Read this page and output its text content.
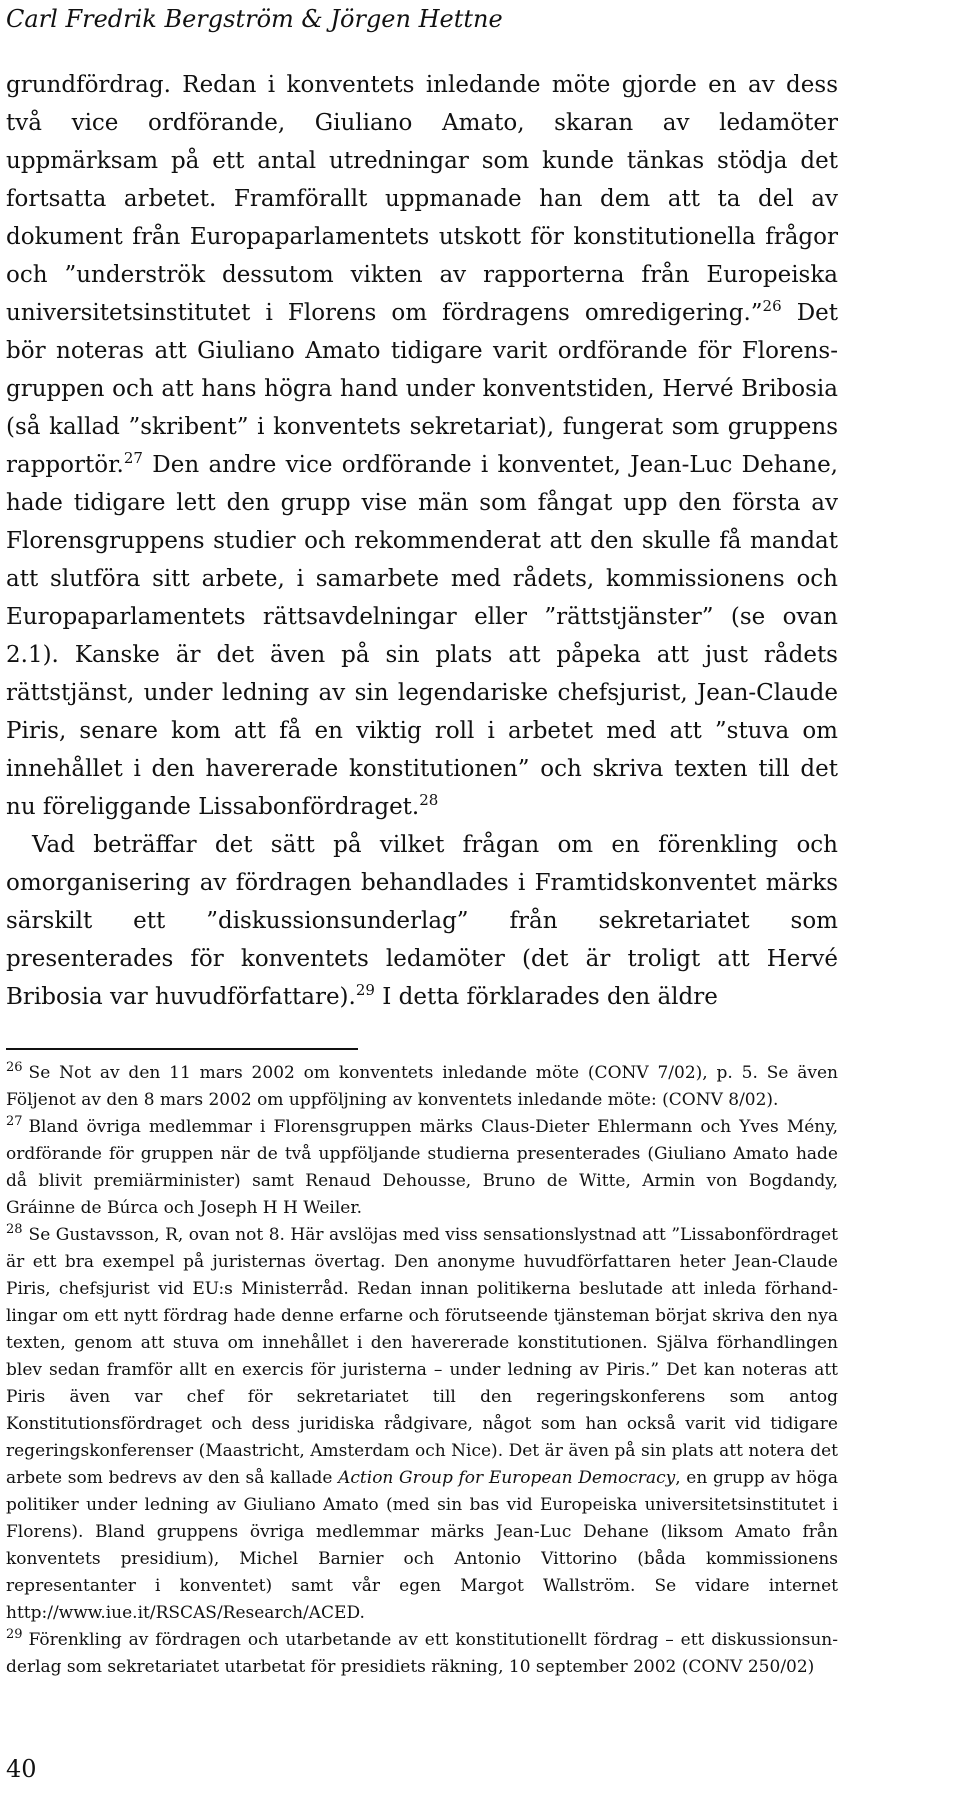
Carl Fredrik Bergström & Jörgen Hettne

grundfördrag. Redan i konventets inledande möte gjorde en av dess två vice ordförande, Giuliano Amato, skaran av ledamöter uppmärksam på ett antal utredningar som kunde tänkas stödja det fortsatta arbetet. Framförallt uppmanade han dem att ta del av dokument från Europaparlamentets utskott för konstitutionella frågor och ”underströk dessutom vikten av rapporterna från Europeiska universitetsinstitutet i Florens om fördragens omredigering.”$^{26}$ Det bör noteras att Giuliano Amato tidigare varit ordförande för Florensgruppen och att hans högra hand under konventstiden, Hervé Bribosia (så kallad ”skribent” i konventets sekretariat), fungerat som gruppens rapportör.$^{27}$ Den andre vice ordförande i konventet, Jean-Luc Dehane, hade tidigare lett den grupp vise män som fångat upp den första av Florensgruppens studier och rekommenderat att den skulle få mandat att slutföra sitt arbete, i samarbete med rådets, kommissionens och Europaparlamentets rättsavdelningar eller ”rättstjänster” (se ovan 2.1). Kanske är det även på sin plats att påpeka att just rådets rättstjänst, under ledning av sin legendariske chefsjurist, Jean-Claude Piris, senare kom att få en viktig roll i arbetet med att ”stuva om innehållet i den havererade konstitutionen” och skriva texten till det nu föreliggande Lissabonfördraget.$^{28}$

Vad beträffar det sätt på vilket frågan om en förenkling och omorganisering av fördragen behandlades i Framtidskonventet märks särskilt ett ”diskussionsunderlag” från sekretariatet som presenterades för konventets ledamöter (det är troligt att Hervé Bribosia var huvudförfattare).$^{29}$ I detta förklarades den äldre

$^{26}$ Se Not av den 11 mars 2002 om konventets inledande möte (CONV 7/02), p. 5. Se även Följenot av den 8 mars 2002 om uppföljning av konventets inledande möte: (CONV 8/02).

$^{27}$ Bland övriga medlemmar i Florensgruppen märks Claus-Dieter Ehlermann och Yves Mény, ordförande för gruppen när de två uppföljande studierna presenterades (Giuliano Amato hade då blivit premiärminister) samt Renaud Dehousse, Bruno de Witte, Armin von Bogdandy, Gráinne de Búrca och Joseph H H Weiler.

$^{28}$ Se Gustavsson, R, ovan not 8. Här avslöjas med viss sensationslystnad att ”Lissabonfördraget är ett bra exempel på juristernas övertag. Den anonyme huvudförfattaren heter Jean-Claude Piris, chefsjurist vid EU:s Ministerråd. Redan innan politikerna beslutade att inleda förhandlingar om ett nytt fördrag hade denne erfarne och förutseende tjänsteman börjat skriva den nya texten, genom att stuva om innehållet i den havererade konstitutionen. Själva förhandlingen blev sedan framför allt en exercis för juristerna – under ledning av Piris.” Det kan noteras att Piris även var chef för sekretariatet till den regeringskonferens som antog Konstitutionsfördraget och dess juridiska rådgivare, något som han också varit vid tidigare regeringskonferenser (Maastricht, Amsterdam och Nice). Det är även på sin plats att notera det arbete som bedrevs av den så kallade Action Group for European Democracy, en grupp av höga politiker under ledning av Giuliano Amato (med sin bas vid Europeiska universitetsinstitutet i Florens). Bland gruppens övriga medlemmar märks Jean-Luc Dehane (liksom Amato från konventets presidium), Michel Barnier och Antonio Vittorino (båda kommissionens representanter i konventet) samt vår egen Margot Wallström. Se vidare internet http://www.iue.it/RSCAS/Research/ACED.

$^{29}$ Förenkling av fördragen och utarbetande av ett konstitutionellt fördrag – ett diskussionsunderlag som sekretariatet utarbetat för presidiets räkning, 10 september 2002 (CONV 250/02)

40
